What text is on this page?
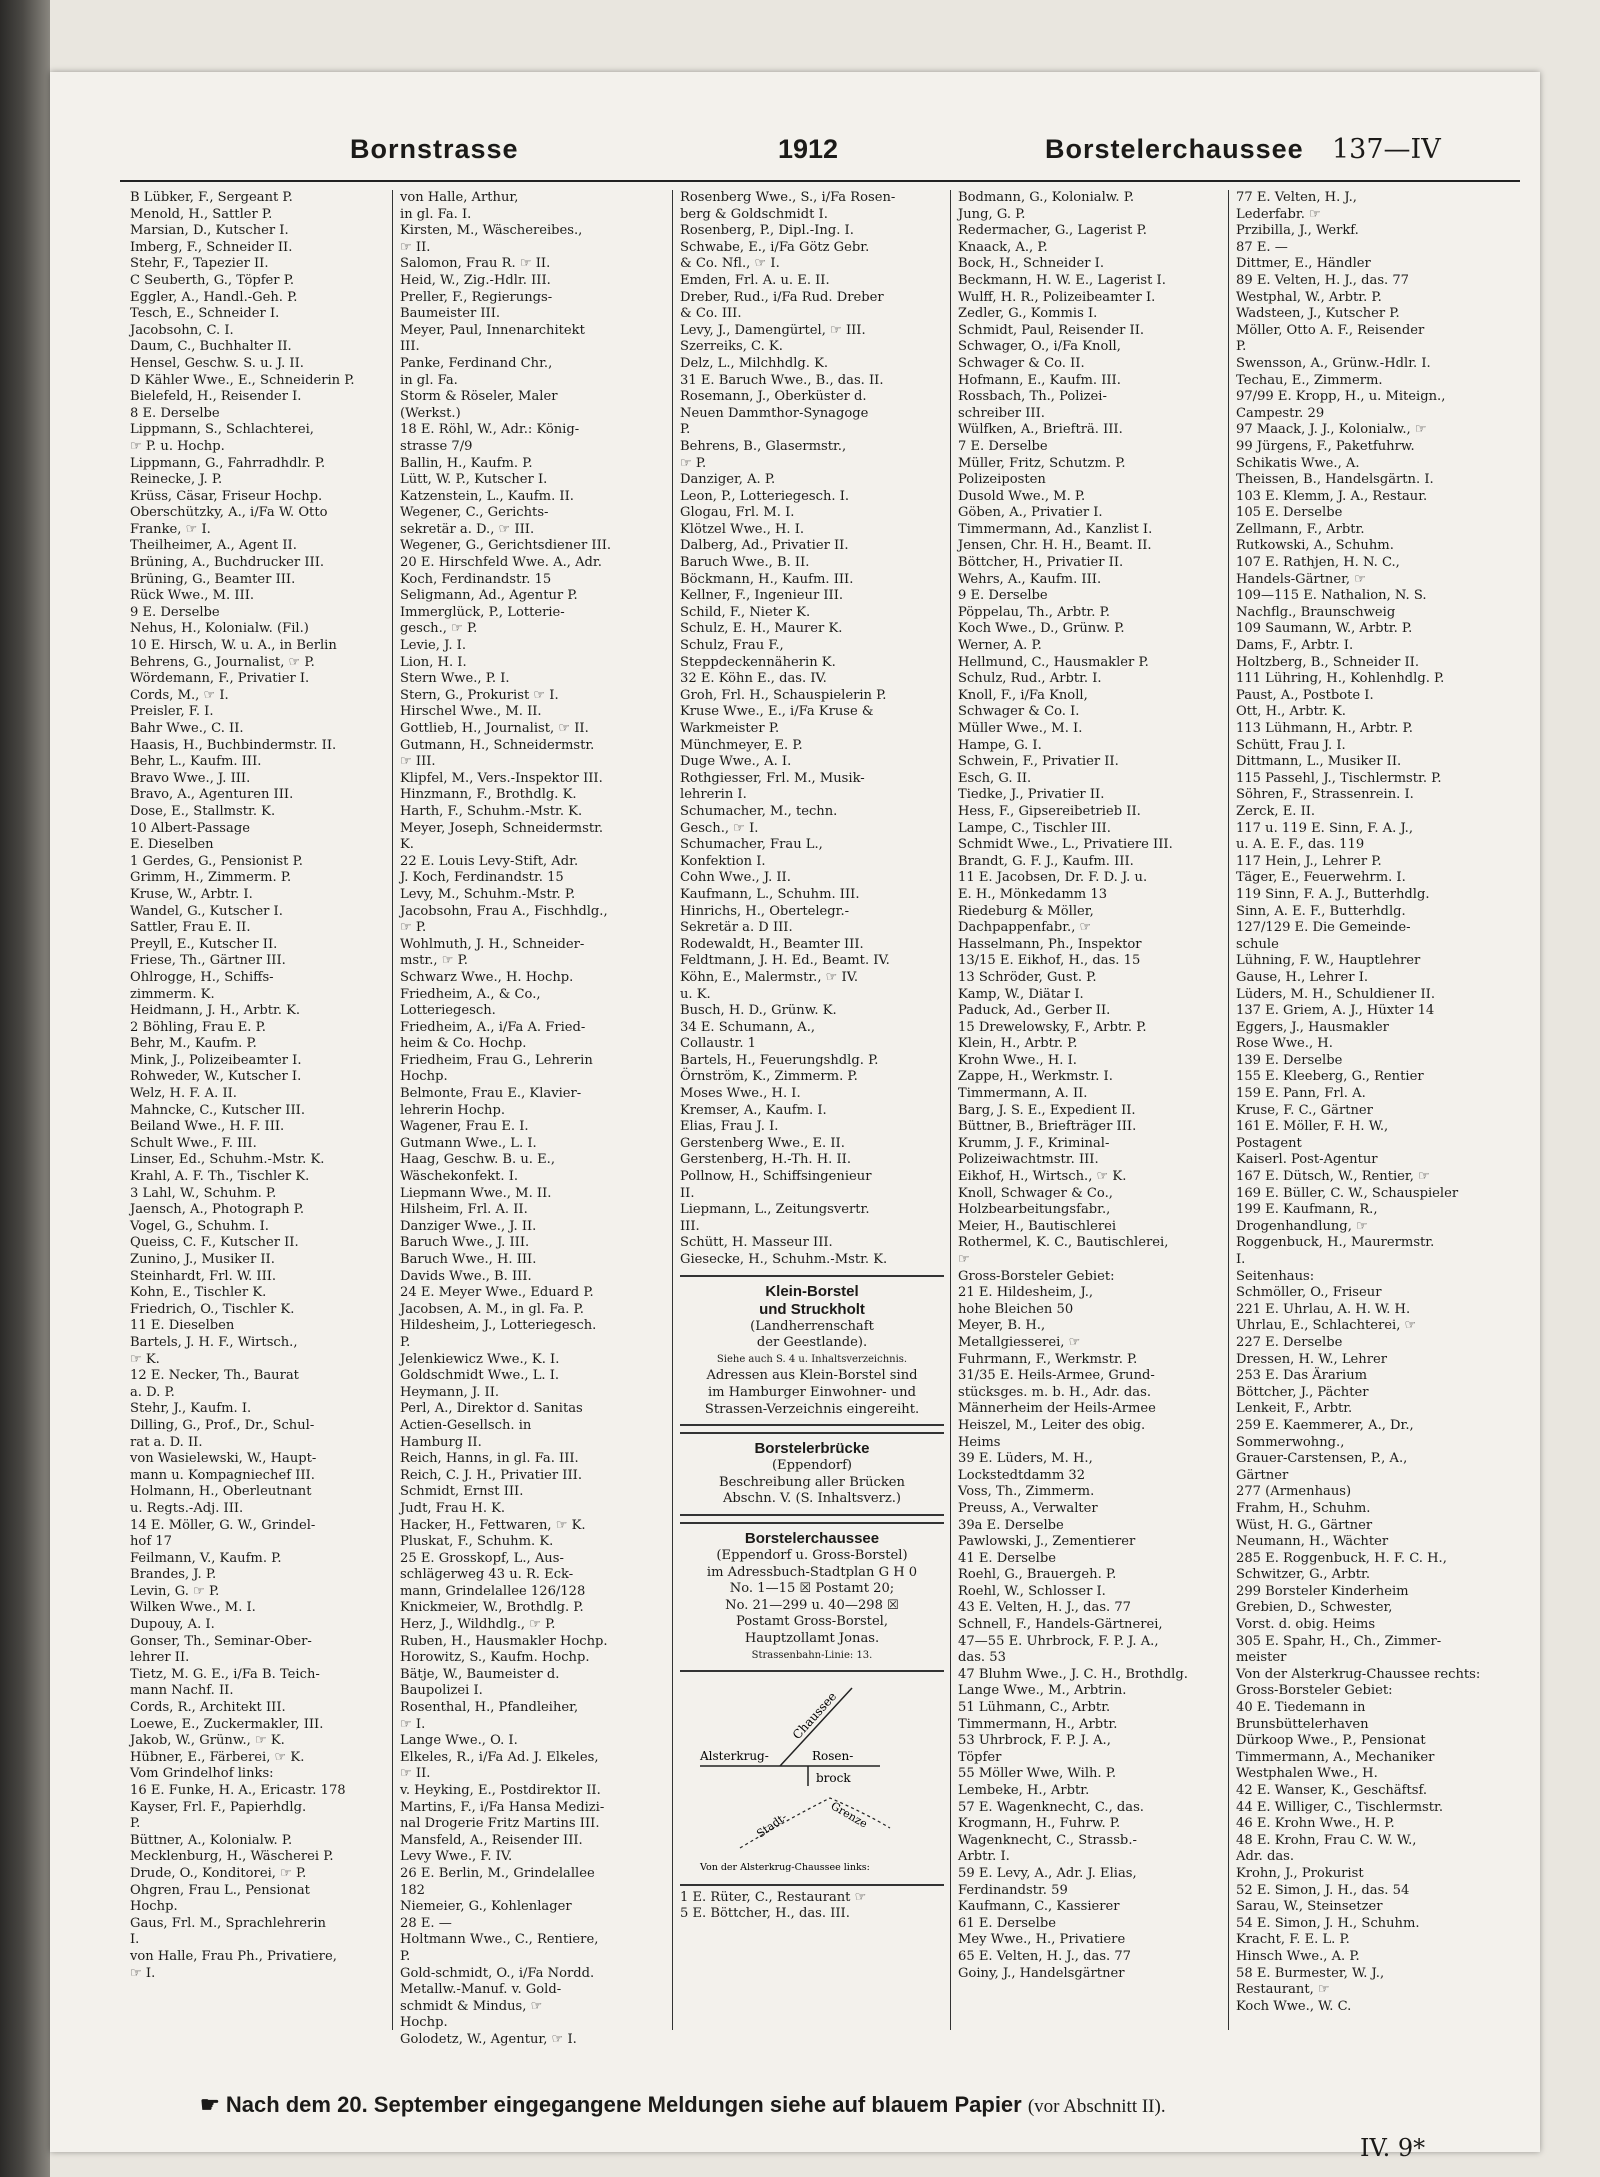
Bornstrasse	1912	Borstelerchaussee 137—IV
B Lübker, F., Sergeant P.
Menold, H., Sattler P.
Marsian, D., Kutscher I.
Imberg, F., Schneider II.
Stehr, F., Tapezier II.
C Seuberth, G., Töpfer P.
Eggler, A., Handl.-Geh. P.
Tesch, E., Schneider I.
Jacobsohn, C. I.
Daum, C., Buchhalter II.
Hensel, Geschw. S. u. J. II.
D Kähler Wwe., E., Schneiderin P.
Bielefeld, H., Reisender I.
8 E. Derselbe
Lippmann, S., Schlachterei,
☞ P. u. Hochp.
Lippmann, G., Fahrradhdlr. P.
Reinecke, J. P.
Krüss, Cäsar, Friseur Hochp.
Oberschützky, A., i/Fa W. Otto
Franke, ☞ I.
Theilheimer, A., Agent II.
Brüning, A., Buchdrucker III.
Brüning, G., Beamter III.
Rück Wwe., M. III.
9 E. Derselbe
Nehus, H., Kolonialw. (Fil.)
10 E. Hirsch, W. u. A., in Berlin
Behrens, G., Journalist, ☞ P.
Wördemann, F., Privatier I.
Cords, M., ☞ I.
Preisler, F. I.
Bahr Wwe., C. II.
Haasis, H., Buchbindermstr. II.
Behr, L., Kaufm. III.
Bravo Wwe., J. III.
Bravo, A., Agenturen III.
Dose, E., Stallmstr. K.
10 Albert-Passage
E. Dieselben
1 Gerdes, G., Pensionist P.
Grimm, H., Zimmerm. P.
Kruse, W., Arbtr. I.
Wandel, G., Kutscher I.
Sattler, Frau E. II.
Preyll, E., Kutscher II.
Friese, Th., Gärtner III.
Ohlrogge, H., Schiffs-
zimmerm. K.
Heidmann, J. H., Arbtr. K.
2 Böhling, Frau E. P.
Behr, M., Kaufm. P.
Mink, J., Polizeibeamter I.
Rohweder, W., Kutscher I.
Welz, H. F. A. II.
Mahncke, C., Kutscher III.
Beiland Wwe., H. F. III.
Schult Wwe., F. III.
Linser, Ed., Schuhm.-Mstr. K.
Krahl, A. F. Th., Tischler K.
3 Lahl, W., Schuhm. P.
Jaensch, A., Photograph P.
Vogel, G., Schuhm. I.
Queiss, C. F., Kutscher II.
Zunino, J., Musiker II.
Steinhardt, Frl. W. III.
Kohn, E., Tischler K.
Friedrich, O., Tischler K.
11 E. Dieselben
Bartels, J. H. F., Wirtsch.,
☞ K.
12 E. Necker, Th., Baurat
a. D. P.
Stehr, J., Kaufm. I.
Dilling, G., Prof., Dr., Schul-
rat a. D. II.
von Wasielewski, W., Haupt-
mann u. Kompagniechef III.
Holmann, H., Oberleutnant
u. Regts.-Adj. III.
14 E. Möller, G. W., Grindel-
hof 17
Feilmann, V., Kaufm. P.
Brandes, J. P.
Levin, G. ☞ P.
Wilken Wwe., M. I.
Dupouy, A. I.
Gonser, Th., Seminar-Ober-
lehrer II.
Tietz, M. G. E., i/Fa B. Teich-
mann Nachf. II.
Cords, R., Architekt III.
Loewe, E., Zuckermakler, III.
Jakob, W., Grünw., ☞ K.
Hübner, E., Färberei, ☞ K.
Vom Grindelhof links:
16 E. Funke, H. A., Ericastr. 178
Kayser, Frl. F., Papierhdlg.
P.
Büttner, A., Kolonialw. P.
Mecklenburg, H., Wäscherei P.
Drude, O., Konditorei, ☞ P.
Ohgren, Frau L., Pensionat
Hochp.
Gaus, Frl. M., Sprachlehrerin
I.
von Halle, Frau Ph., Privatiere,
☞ I.
von Halle, Arthur,
in gl. Fa. I.
Kirsten, M., Wäschereibes.,
☞ II.
Salomon, Frau R. ☞ II.
Heid, W., Zig.-Hdlr. III.
Preller, F., Regierungs-
Baumeister III.
Meyer, Paul, Innenarchitekt
III.
Panke, Ferdinand Chr.,
in gl. Fa.
Storm & Röseler, Maler
(Werkst.)
18 E. Röhl, W., Adr.: König-
strasse 7/9
Ballin, H., Kaufm. P.
Lütt, W. P., Kutscher I.
Katzenstein, L., Kaufm. II.
Wegener, C., Gerichts-
sekretär a. D., ☞ III.
Wegener, G., Gerichtsdiener III.
20 E. Hirschfeld Wwe. A., Adr.
Koch, Ferdinandstr. 15
Seligmann, Ad., Agentur P.
Immerglück, P., Lotterie-
gesch., ☞ P.
Levie, J. I.
Lion, H. I.
Stern Wwe., P. I.
Stern, G., Prokurist ☞ I.
Hirschel Wwe., M. II.
Gottlieb, H., Journalist, ☞ II.
Gutmann, H., Schneidermstr.
☞ III.
Klipfel, M., Vers.-Inspektor III.
Hinzmann, F., Brothdlg. K.
Harth, F., Schuhm.-Mstr. K.
Meyer, Joseph, Schneidermstr.
K.
22 E. Louis Levy-Stift, Adr.
J. Koch, Ferdinandstr. 15
Levy, M., Schuhm.-Mstr. P.
Jacobsohn, Frau A., Fischhdlg.,
☞ P.
Wohlmuth, J. H., Schneider-
mstr., ☞ P.
Schwarz Wwe., H. Hochp.
Friedheim, A., & Co.,
Lotteriegesch.
Friedheim, A., i/Fa A. Fried-
heim & Co. Hochp.
Friedheim, Frau G., Lehrerin
Hochp.
Belmonte, Frau E., Klavier-
lehrerin Hochp.
Wagener, Frau E. I.
Gutmann Wwe., L. I.
Haag, Geschw. B. u. E.,
Wäschekonfekt. I.
Liepmann Wwe., M. II.
Hilsheim, Frl. A. II.
Danziger Wwe., J. II.
Baruch Wwe., J. III.
Baruch Wwe., H. III.
Davids Wwe., B. III.
24 E. Meyer Wwe., Eduard P.
Jacobsen, A. M., in gl. Fa. P.
Hildesheim, J., Lotteriegesch.
P.
Jelenkiewicz Wwe., K. I.
Goldschmidt Wwe., L. I.
Heymann, J. II.
Perl, A., Direktor d. Sanitas
Actien-Gesellsch. in
Hamburg II.
Reich, Hanns, in gl. Fa. III.
Reich, C. J. H., Privatier III.
Schmidt, Ernst III.
Judt, Frau H. K.
Hacker, H., Fettwaren, ☞ K.
Pluskat, F., Schuhm. K.
25 E. Grosskopf, L., Aus-
schlägerweg 43 u. R. Eck-
mann, Grindelallee 126/128
Knickmeier, W., Brothdlg. P.
Herz, J., Wildhdlg., ☞ P.
Ruben, H., Hausmakler Hochp.
Horowitz, S., Kaufm. Hochp.
Bätje, W., Baumeister d.
Baupolizei I.
Rosenthal, H., Pfandleiher,
☞ I.
Lange Wwe., O. I.
Elkeles, R., i/Fa Ad. J. Elkeles,
☞ II.
v. Heyking, E., Postdirektor II.
Martins, F., i/Fa Hansa Medizi-
nal Drogerie Fritz Martins III.
Mansfeld, A., Reisender III.
Levy Wwe., F. IV.
26 E. Berlin, M., Grindelallee
182
Niemeier, G., Kohlenlager
28 E. —
Holtmann Wwe., C., Rentiere,
P.
Gold-schmidt, O., i/Fa Nordd.
Metallw.-Manuf. v. Gold-
schmidt & Mindus, ☞
Hochp.
Golodetz, W., Agentur, ☞ I.
Rosenberg Wwe., S., i/Fa Rosen-
berg & Goldschmidt I.
Rosenberg, P., Dipl.-Ing. I.
Schwabe, E., i/Fa Götz Gebr.
& Co. Nfl., ☞ I.
Emden, Frl. A. u. E. II.
Dreber, Rud., i/Fa Rud. Dreber
& Co. III.
Levy, J., Damengürtel, ☞ III.
Szerreiks, C. K.
Delz, L., Milchhdlg. K.
31 E. Baruch Wwe., B., das. II.
Rosemann, J., Oberküster d.
Neuen Dammthor-Synagoge
P.
Behrens, B., Glasermstr.,
☞ P.
Danziger, A. P.
Leon, P., Lotteriegesch. I.
Glogau, Frl. M. I.
Klötzel Wwe., H. I.
Dalberg, Ad., Privatier II.
Baruch Wwe., B. II.
Böckmann, H., Kaufm. III.
Kellner, F., Ingenieur III.
Schild, F., Nieter K.
Schulz, E. H., Maurer K.
Schulz, Frau F.,
Steppdeckennäherin K.
32 E. Köhn E., das. IV.
Groh, Frl. H., Schauspielerin P.
Kruse Wwe., E., i/Fa Kruse &
Warkmeister P.
Münchmeyer, E. P.
Duge Wwe., A. I.
Rothgiesser, Frl. M., Musik-
lehrerin I.
Schumacher, M., techn.
Gesch., ☞ I.
Schumacher, Frau L.,
Konfektion I.
Cohn Wwe., J. II.
Kaufmann, L., Schuhm. III.
Hinrichs, H., Obertelegr.-
Sekretär a. D III.
Rodewaldt, H., Beamter III.
Feldtmann, J. H. Ed., Beamt. IV.
Köhn, E., Malermstr., ☞ IV.
u. K.
Busch, H. D., Grünw. K.
34 E. Schumann, A.,
Collaustr. 1
Bartels, H., Feuerungshdlg. P.
Örnström, K., Zimmerm. P.
Moses Wwe., H. I.
Kremser, A., Kaufm. I.
Elias, Frau J. I.
Gerstenberg Wwe., E. II.
Gerstenberg, H.-Th. H. II.
Pollnow, H., Schiffsingenieur
II.
Liepmann, L., Zeitungsvertr.
III.
Schütt, H. Masseur III.
Giesecke, H., Schuhm.-Mstr. K.
Klein-Borstel
und Struckholt
(Landherrenschaft
der Geestlande).
Siehe auch S. 4 u. Inhaltsverzeichnis.
Adressen aus Klein-Borstel sind
im Hamburger Einwohner- und
Strassen-Verzeichnis eingereiht.
Borstelerbrücke
(Eppendorf)
Beschreibung aller Brücken
Abschn. V. (S. Inhaltsverz.)
Borstelerchaussee
(Eppendorf u. Gross-Borstel)
im Adressbuch-Stadtplan G H 0
No. 1—15 ☒ Postamt 20;
No. 21—299 u. 40—298 ☒
Postamt Gross-Borstel,
Hauptzollamt Jonas.
Strassenbahn-Linie: 13.
Chaussee
Alsterkrug-	Rosen-
brock
Stadt-	Grenze
Von der Alsterkrug-Chaussee links:
1 E. Rüter, C., Restaurant ☞
5 E. Böttcher, H., das. III.
Bodmann, G., Kolonialw. P.
Jung, G. P.
Redermacher, G., Lagerist P.
Knaack, A., P.
Bock, H., Schneider I.
Beckmann, H. W. E., Lagerist I.
Wulff, H. R., Polizeibeamter I.
Zedler, G., Kommis I.
Schmidt, Paul, Reisender II.
Schwager, O., i/Fa Knoll,
Schwager & Co. II.
Hofmann, E., Kaufm. III.
Rossbach, Th., Polizei-
schreiber III.
Wülfken, A., Briefträ. III.
7 E. Derselbe
Müller, Fritz, Schutzm. P.
Polizeiposten
Dusold Wwe., M. P.
Göben, A., Privatier I.
Timmermann, Ad., Kanzlist I.
Jensen, Chr. H. H., Beamt. II.
Böttcher, H., Privatier II.
Wehrs, A., Kaufm. III.
9 E. Derselbe
Pöppelau, Th., Arbtr. P.
Koch Wwe., D., Grünw. P.
Werner, A. P.
Hellmund, C., Hausmakler P.
Schulz, Rud., Arbtr. I.
Knoll, F., i/Fa Knoll,
Schwager & Co. I.
Müller Wwe., M. I.
Hampe, G. I.
Schwein, F., Privatier II.
Esch, G. II.
Tiedke, J., Privatier II.
Hess, F., Gipsereibetrieb II.
Lampe, C., Tischler III.
Schmidt Wwe., L., Privatiere III.
Brandt, G. F. J., Kaufm. III.
11 E. Jacobsen, Dr. F. D. J. u.
E. H., Mönkedamm 13
Riedeburg & Möller,
Dachpappenfabr., ☞
Hasselmann, Ph., Inspektor
13/15 E. Eikhof, H., das. 15
13 Schröder, Gust. P.
Kamp, W., Diätar I.
Paduck, Ad., Gerber II.
15 Drewelowsky, F., Arbtr. P.
Klein, H., Arbtr. P.
Krohn Wwe., H. I.
Zappe, H., Werkmstr. I.
Timmermann, A. II.
Barg, J. S. E., Expedient II.
Büttner, B., Briefträger III.
Krumm, J. F., Kriminal-
Polizeiwachtmstr. III.
Eikhof, H., Wirtsch., ☞ K.
Knoll, Schwager & Co.,
Holzbearbeitungsfabr.,
Meier, H., Bautischlerei
Rothermel, K. C., Bautischlerei,
☞
Gross-Borsteler Gebiet:
21 E. Hildesheim, J.,
hohe Bleichen 50
Meyer, B. H.,
Metallgiesserei, ☞
Fuhrmann, F., Werkmstr. P.
31/35 E. Heils-Armee, Grund-
stücksges. m. b. H., Adr. das.
Männerheim der Heils-Armee
Heiszel, M., Leiter des obig.
Heims
39 E. Lüders, M. H.,
Lockstedtdamm 32
Voss, Th., Zimmerm.
Preuss, A., Verwalter
39a E. Derselbe
Pawlowski, J., Zementierer
41 E. Derselbe
Roehl, G., Brauergeh. P.
Roehl, W., Schlosser I.
43 E. Velten, H. J., das. 77
Schnell, F., Handels-Gärtnerei,
47—55 E. Uhrbrock, F. P. J. A.,
das. 53
47 Bluhm Wwe., J. C. H., Brothdlg.
Lange Wwe., M., Arbtrin.
51 Lühmann, C., Arbtr.
Timmermann, H., Arbtr.
53 Uhrbrock, F. P. J. A.,
Töpfer
55 Möller Wwe, Wilh. P.
Lembeke, H., Arbtr.
57 E. Wagenknecht, C., das.
Krogmann, H., Fuhrw. P.
Wagenknecht, C., Strassb.-
Arbtr. I.
59 E. Levy, A., Adr. J. Elias,
Ferdinandstr. 59
Kaufmann, C., Kassierer
61 E. Derselbe
Mey Wwe., H., Privatiere
65 E. Velten, H. J., das. 77
Goiny, J., Handelsgärtner
77 E. Velten, H. J.,
Lederfabr. ☞
Przibilla, J., Werkf.
87 E. —
Dittmer, E., Händler
89 E. Velten, H. J., das. 77
Westphal, W., Arbtr. P.
Wadsteen, J., Kutscher P.
Möller, Otto A. F., Reisender
P.
Swensson, A., Grünw.-Hdlr. I.
Techau, E., Zimmerm.
97/99 E. Kropp, H., u. Miteign.,
Campestr. 29
97 Maack, J. J., Kolonialw., ☞
99 Jürgens, F., Paketfuhrw.
Schikatis Wwe., A.
Theissen, B., Handelsgärtn. I.
103 E. Klemm, J. A., Restaur.
105 E. Derselbe
Zellmann, F., Arbtr.
Rutkowski, A., Schuhm.
107 E. Rathjen, H. N. C.,
Handels-Gärtner, ☞
109—115 E. Nathalion, N. S.
Nachflg., Braunschweig
109 Saumann, W., Arbtr. P.
Dams, F., Arbtr. I.
Holtzberg, B., Schneider II.
111 Lühring, H., Kohlenhdlg. P.
Paust, A., Postbote I.
Ott, H., Arbtr. K.
113 Lühmann, H., Arbtr. P.
Schütt, Frau J. I.
Dittmann, L., Musiker II.
115 Passehl, J., Tischlermstr. P.
Söhren, F., Strassenrein. I.
Zerck, E. II.
117 u. 119 E. Sinn, F. A. J.,
u. A. E. F., das. 119
117 Hein, J., Lehrer P.
Täger, E., Feuerwehrm. I.
119 Sinn, F. A. J., Butterhdlg.
Sinn, A. E. F., Butterhdlg.
127/129 E. Die Gemeinde-
schule
Lühning, F. W., Hauptlehrer
Gause, H., Lehrer I.
Lüders, M. H., Schuldiener II.
137 E. Griem, A. J., Hüxter 14
Eggers, J., Hausmakler
Rose Wwe., H.
139 E. Derselbe
155 E. Kleeberg, G., Rentier
159 E. Pann, Frl. A.
Kruse, F. C., Gärtner
161 E. Möller, F. H. W.,
Postagent
Kaiserl. Post-Agentur
167 E. Dütsch, W., Rentier, ☞
169 E. Büller, C. W., Schauspieler
199 E. Kaufmann, R.,
Drogenhandlung, ☞
Roggenbuck, H., Maurermstr.
I.
Seitenhaus:
Schmöller, O., Friseur
221 E. Uhrlau, A. H. W. H.
Uhrlau, E., Schlachterei, ☞
227 E. Derselbe
Dressen, H. W., Lehrer
253 E. Das Ärarium
Böttcher, J., Pächter
Lenkeit, F., Arbtr.
259 E. Kaemmerer, A., Dr.,
Sommerwohng.,
Grauer-Carstensen, P., A.,
Gärtner
277 (Armenhaus)
Frahm, H., Schuhm.
Wüst, H. G., Gärtner
Neumann, H., Wächter
285 E. Roggenbuck, H. F. C. H.,
Schwitzer, G., Arbtr.
299 Borsteler Kinderheim
Grebien, D., Schwester,
Vorst. d. obig. Heims
305 E. Spahr, H., Ch., Zimmer-
meister
Von der Alsterkrug-Chaussee rechts:
Gross-Borsteler Gebiet:
40 E. Tiedemann in
Brunsbüttelerhaven
Dürkoop Wwe., P., Pensionat
Timmermann, A., Mechaniker
Westphalen Wwe., H.
42 E. Wanser, K., Geschäftsf.
44 E. Williger, C., Tischlermstr.
46 E. Krohn Wwe., H. P.
48 E. Krohn, Frau C. W. W.,
Adr. das.
Krohn, J., Prokurist
52 E. Simon, J. H., das. 54
Sarau, W., Steinsetzer
54 E. Simon, J. H., Schuhm.
Kracht, F. E. L. P.
Hinsch Wwe., A. P.
58 E. Burmester, W. J.,
Restaurant, ☞
Koch Wwe., W. C.
☛ Nach dem 20. September eingegangene Meldungen siehe auf blauem Papier (vor Abschnitt II).
IV. 9*
